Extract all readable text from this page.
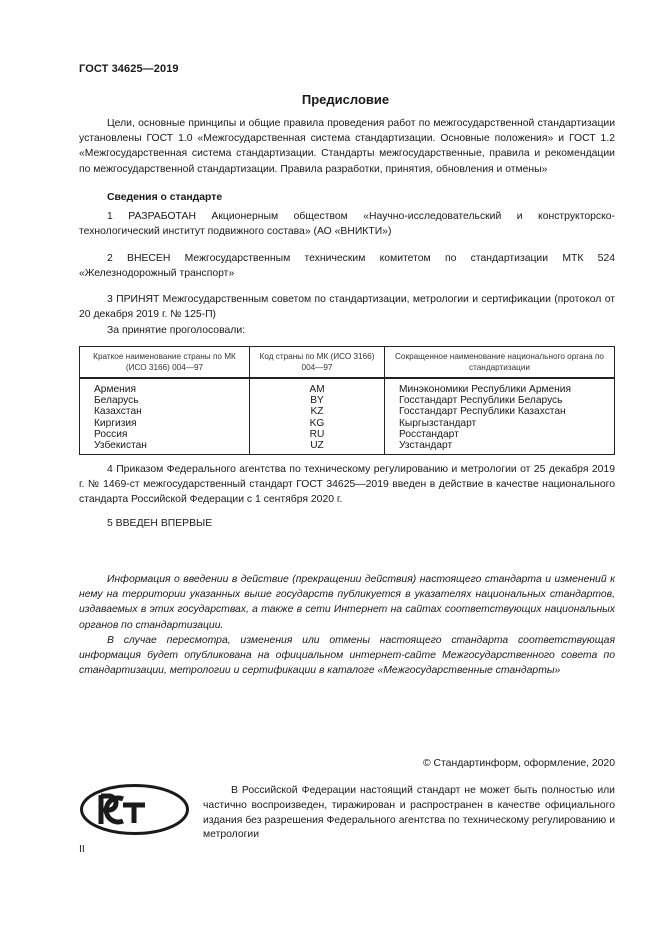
ГОСТ 34625—2019
Предисловие

Цели, основные принципы и общие правила проведения работ по межгосударственной стандартизации установлены ГОСТ 1.0 «Межгосударственная система стандартизации. Основные положения» и ГОСТ 1.2 «Межгосударственная система стандартизации. Стандарты межгосударственные, правила и рекомендации по межгосударственной стандартизации. Правила разработки, принятия, обновления и отмены»

Сведения о стандарте

1 РАЗРАБОТАН Акционерным обществом «Научно-исследовательский и конструкторско-технологический институт подвижного состава» (АО «ВНИКТИ»)

2 ВНЕСЕН Межгосударственным техническим комитетом по стандартизации МТК 524 «Железнодорожный транспорт»

3 ПРИНЯТ Межгосударственным советом по стандартизации, метрологии и сертификации (протокол от 20 декабря 2019 г. № 125-П)

За принятие проголосовали:
Краткое наименование страны по МК (ИСО 3166) 004—97	Код страны по МК (ИСО 3166) 004—97	Сокращенное наименование национального органа по стандартизации
Армения	AM	Минэкономики Республики Армения
Беларусь	BY	Госстандарт Республики Беларусь
Казахстан	KZ	Госстандарт Республики Казахстан
Киргизия	KG	Кыргызстандарт
Россия	RU	Росстандарт
Узбекистан	UZ	Узстандарт

4 Приказом Федерального агентства по техническому регулированию и метрологии от 25 декабря 2019 г. № 1469-ст межгосударственный стандарт ГОСТ 34625—2019 введен в действие в качестве национального стандарта Российской Федерации с 1 сентября 2020 г.

5 ВВЕДЕН ВПЕРВЫЕ

Информация о введении в действие (прекращении действия) настоящего стандарта и изменений к нему на территории указанных выше государств публикуется в указателях национальных стандартов, издаваемых в этих государствах, а также в сети Интернет на сайтах соответствующих национальных органов по стандартизации.

В случае пересмотра, изменения или отмены настоящего стандарта соответствующая информация будет опубликована на официальном интернет-сайте Межгосударственного совета по стандартизации, метрологии и сертификации в каталоге «Межгосударственные стандарты»

© Стандартинформ, оформление, 2020

В Российской Федерации настоящий стандарт не может быть полностью или частично воспроизведен, тиражирован и распространен в качестве официального издания без разрешения Федерального агентства по техническому регулированию и метрологии

II
